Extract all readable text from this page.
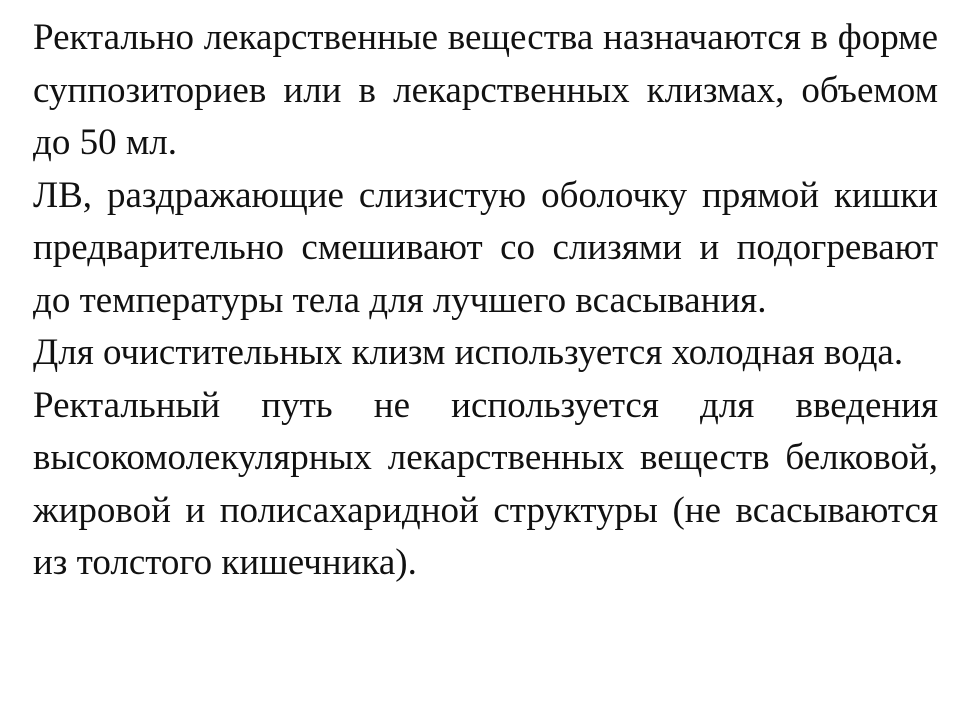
Ректально лекарственные вещества назначаются в форме суппозиториев или в лекарственных клизмах, объемом до 50 мл.

ЛВ, раздражающие слизистую оболочку прямой кишки предварительно смешивают со слизями и подогревают до температуры тела для лучшего всасывания.

Для очистительных клизм используется холодная вода.

Ректальный путь не используется для введения высокомолекулярных лекарственных веществ белковой, жировой и полисахаридной структуры (не всасываются из толстого кишечника).
